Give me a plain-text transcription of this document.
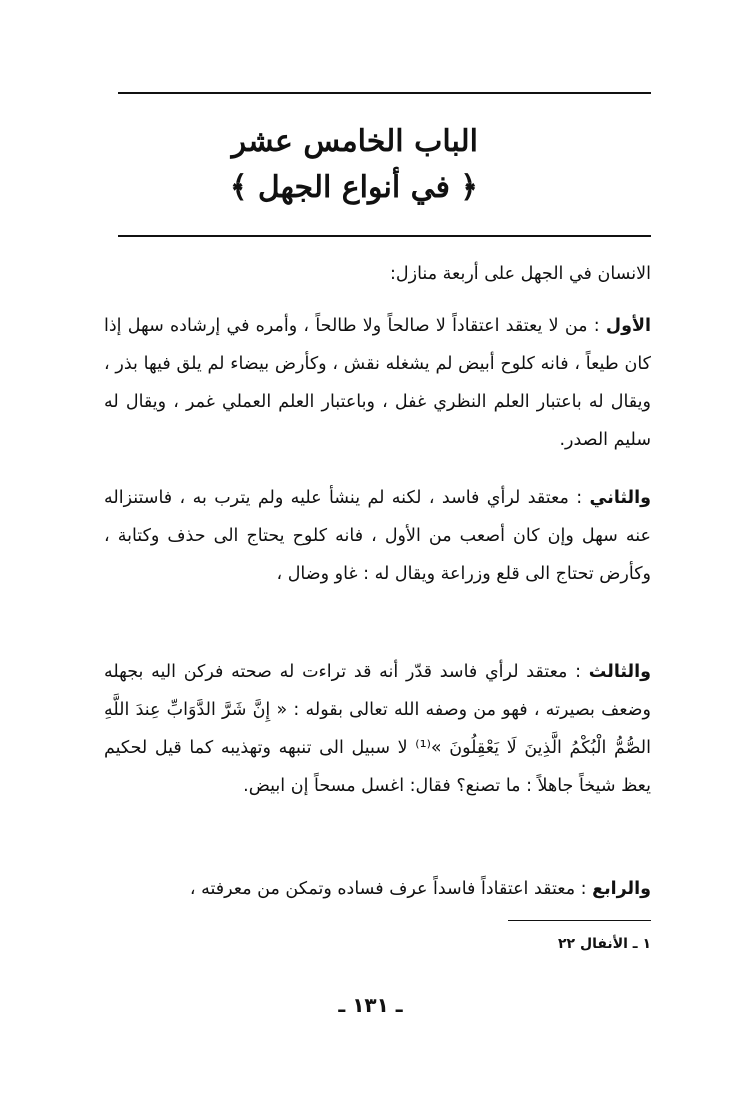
الباب الخامس عشر
﴿ في أنواع الجهل ﴾
الانسان في الجهل على أربعة منازل:
الأول : من لا يعتقد اعتقاداً لا صالحاً ولا طالحاً ، وأمره في إرشاده سهل إذا كان طيعاً ، فانه كلوح أبيض لم يشغله نقش ، وكأرض بيضاء لم يلق فيها بذر ، ويقال له باعتبار العلم النظري غفل ، وباعتبار العلم العملي غمر ، ويقال له سليم الصدر.
والثاني : معتقد لرأي فاسد ، لكنه لم ينشأ عليه ولم يترب به ، فاستنزاله عنه سهل وإن كان أصعب من الأول ، فانه كلوح يحتاج الى حذف وكتابة ، وكأرض تحتاج الى قلع وزراعة ويقال له : غاو وضال ،
والثالث : معتقد لرأي فاسد قدّر أنه قد تراءت له صحته فركن اليه بجهله وضعف بصيرته ، فهو من وصفه الله تعالى بقوله : « إِنَّ شَرَّ الدَّوَابِّ عِندَ اللَّهِ الصُّمُّ الْبُكْمُ الَّذِينَ لَا يَعْقِلُونَ »⁽¹⁾ لا سبيل الى تنبهه وتهذيبه كما قيل لحكيم يعظ شيخاً جاهلاً : ما تصنع؟ فقال: اغسل مسحاً إن ابيض.
والرابع : معتقد اعتقاداً فاسداً عرف فساده وتمكن من معرفته ،
١ ـ الأنفال ٢٢
ـ ١٣١ ـ
